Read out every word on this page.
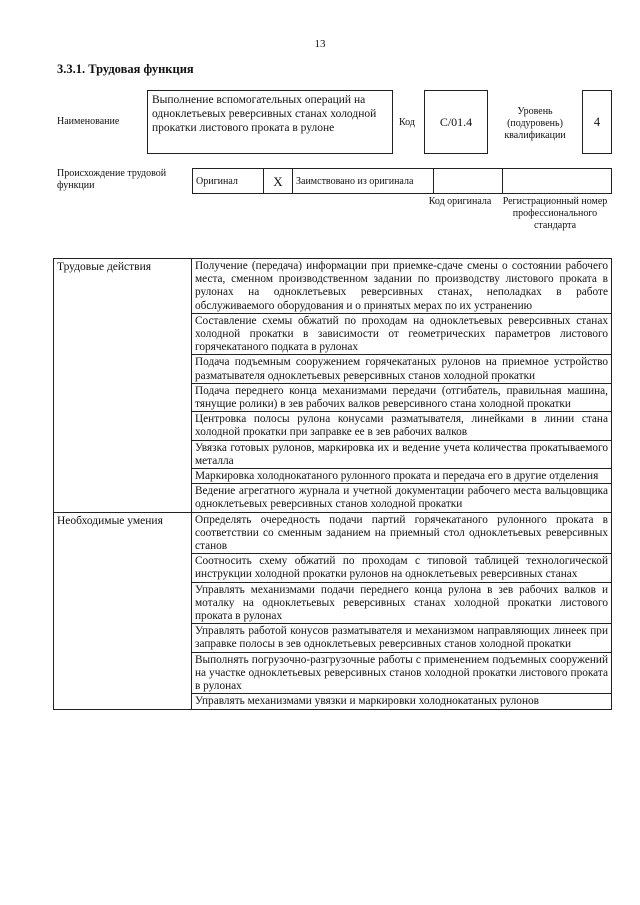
13
3.3.1. Трудовая функция
Наименование
Выполнение вспомогательных операций на одноклетьевых реверсивных станах холодной прокатки листового проката в рулоне	Код	C/01.4
Уровень (подуровень) квалификации
4
Происхождение трудовой функции	Оригинал	X	Заимствовано из оригинала		
Код оригинала	Регистрационный номер профессионального стандарта
Трудовые действия	Получение (передача) информации при приемке-сдаче смены о состоянии рабочего места, сменном производственном задании по производству листового проката в рулонах на одноклетьевых реверсивных станах, неполадках в работе обслуживаемого оборудования и о принятых мерах по их устранению
	Составление схемы обжатий по проходам на одноклетьевых реверсивных станах холодной прокатки в зависимости от геометрических параметров листового горячекатаного подката в рулонах
	Подача подъемным сооружением горячекатаных рулонов на приемное устройство разматывателя одноклетьевых реверсивных станов холодной прокатки
	Подача переднего конца механизмами передачи (отгибатель, правильная машина, тянущие ролики) в зев рабочих валков реверсивного стана холодной прокатки
	Центровка полосы рулона конусами разматывателя, линейками в линии стана холодной прокатки при заправке ее в зев рабочих валков
	Увязка готовых рулонов, маркировка их и ведение учета количества прокатываемого металла
	Маркировка холоднокатаного рулонного проката и передача его в другие отделения
	Ведение агрегатного журнала и учетной документации рабочего места вальцовщика одноклетьевых реверсивных станов холодной прокатки
Необходимые умения	Определять очередность подачи партий горячекатаного рулонного проката в соответствии со сменным заданием на приемный стол одноклетьевых реверсивных станов
	Соотносить схему обжатий по проходам с типовой таблицей технологической инструкции холодной прокатки рулонов на одноклетьевых реверсивных станах
	Управлять механизмами подачи переднего конца рулона в зев рабочих валков и моталку на одноклетьевых реверсивных станах холодной прокатки листового проката в рулонах
	Управлять работой конусов разматывателя и механизмом направляющих линеек при заправке полосы в зев одноклетьевых реверсивных станов холодной прокатки
	Выполнять погрузочно-разгрузочные работы с применением подъемных сооружений на участке одноклетьевых реверсивных станов холодной прокатки листового проката в рулонах
	Управлять механизмами увязки и маркировки холоднокатаных рулонов
